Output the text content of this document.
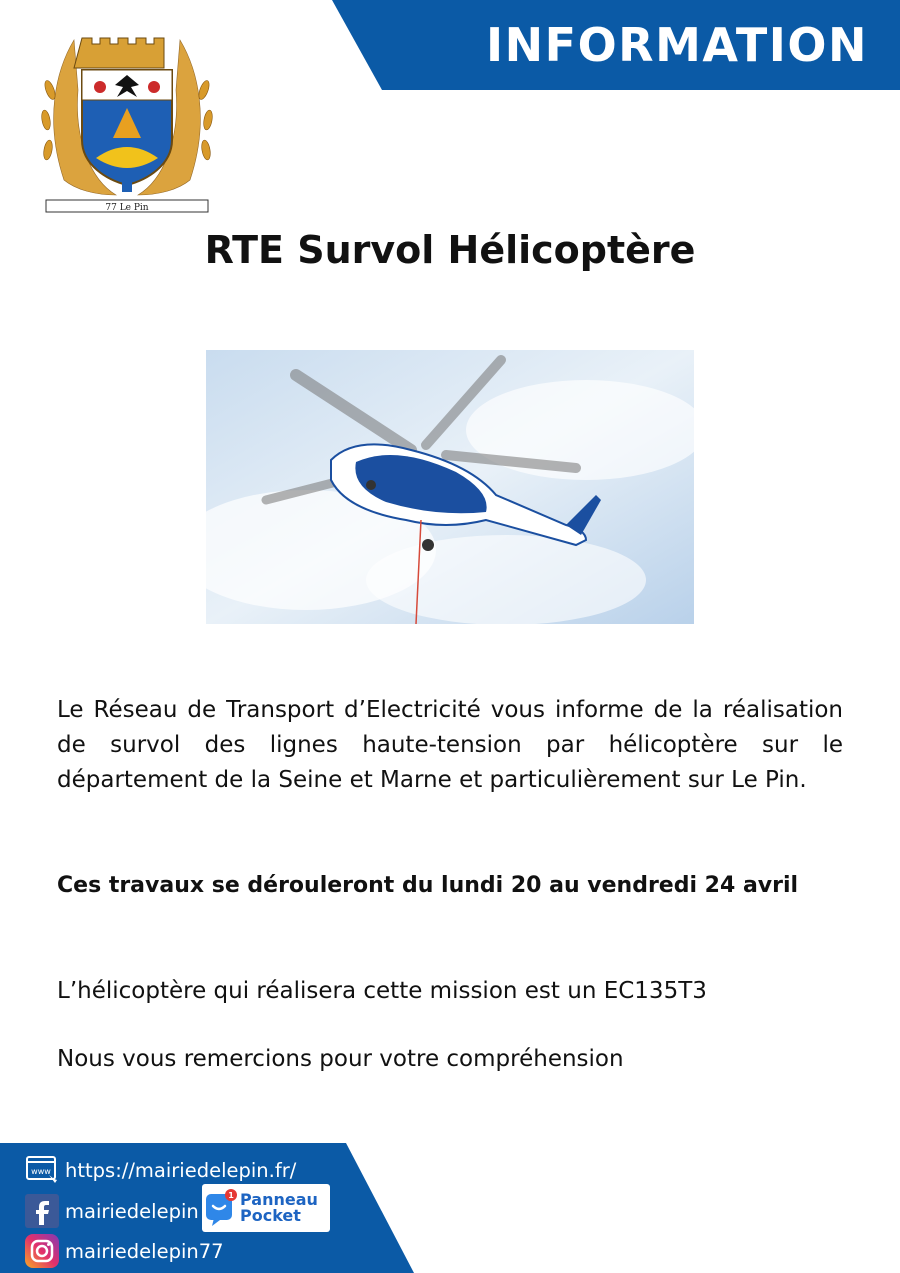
INFORMATION
77 Le Pin
RTE Survol Hélicoptère

Le Réseau de Transport d’Electricité vous informe de la réalisation de survol des lignes haute-tension par hélicoptère sur le département de la Seine et Marne et particulièrement sur Le Pin.

Ces travaux se dérouleront du lundi 20 au vendredi 24 avril

L’hélicoptère qui réalisera cette mission est un EC135T3

Nous vous remercions pour votre compréhension

www https://mairiedelepin.fr/
mairiedelepin
mairiedelepin77
1 Panneau
Pocket
